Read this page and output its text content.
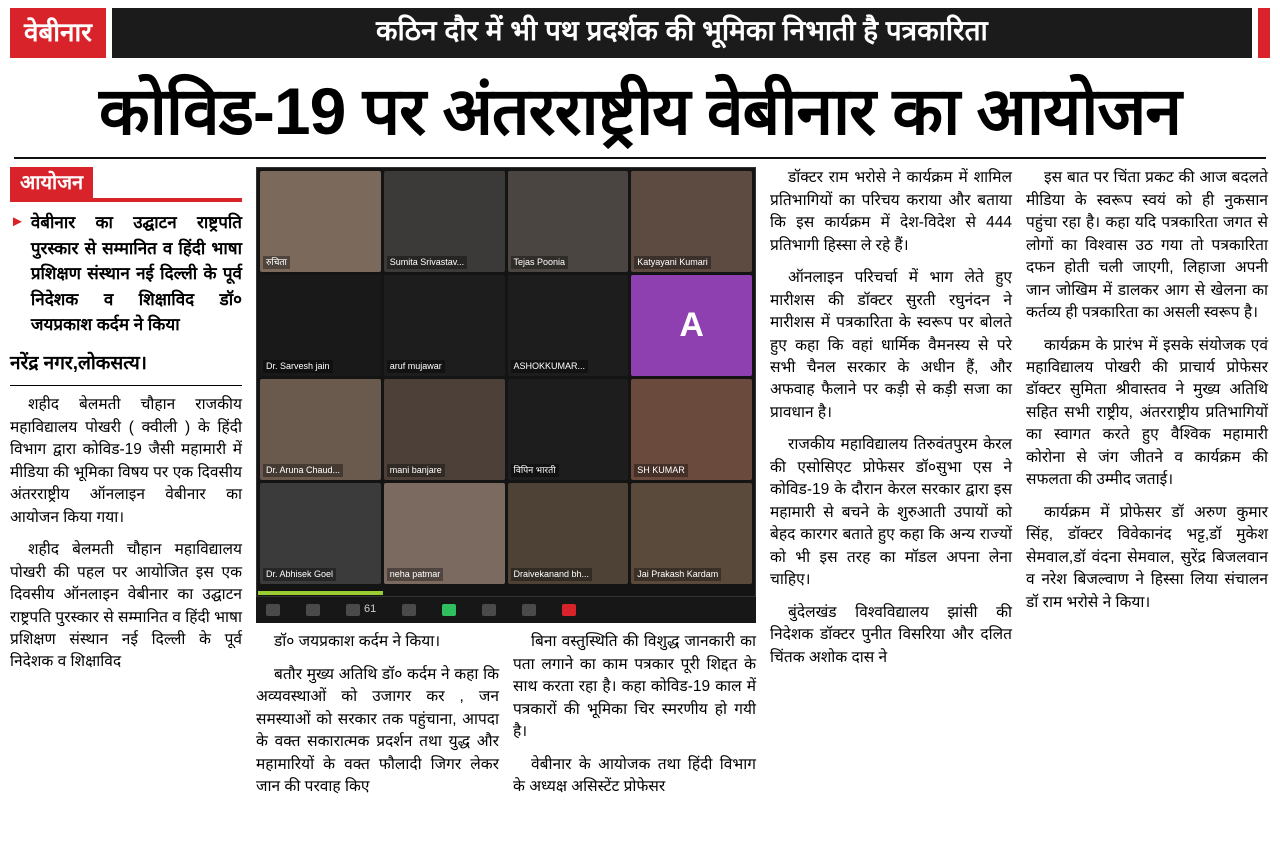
वेबीनार	कठिन दौर में भी पथ प्रदर्शक की भूमिका निभाती है पत्रकारिता
कोविड-19 पर अंतरराष्ट्रीय वेबीनार का आयोजन
आयोजन
► वेबीनार का उद्घाटन राष्ट्रपति पुरस्कार से सम्मानित व हिंदी भाषा प्रशिक्षण संस्थान नई दिल्ली के पूर्व निदेशक व शिक्षाविद डॉ० जयप्रकाश कर्दम ने किया
नरेंद्र नगर,लोकसत्य।

शहीद बेलमती चौहान राजकीय महाविद्यालय पोखरी ( क्वीली ) के हिंदी विभाग द्वारा कोविड-19 जैसी महामारी में मीडिया की भूमिका विषय पर एक दिवसीय अंतरराष्ट्रीय ऑनलाइन वेबीनार का आयोजन किया गया।

शहीद बेलमती चौहान महाविद्यालय पोखरी की पहल पर आयोजित इस एक दिवसीय ऑनलाइन वेबीनार का उद्घाटन राष्ट्रपति पुरस्कार से सम्मानित व हिंदी भाषा प्रशिक्षण संस्थान नई दिल्ली के पूर्व निदेशक व शिक्षाविद

रुचिता	Sumita Srivastav...	Tejas Poonia	Katyayani Kumari
Dr. Sarvesh jain	aruf mujawar	ASHOKKUMAR...
A
Dr. Aruna Chaud...	mani banjare	विपिन भारती	SH KUMAR
Dr. Abhisek Goel	neha patmar	Draivekanand bh...	Jai Prakash Kardam
61

डॉ० जयप्रकाश कर्दम ने किया।

बतौर मुख्य अतिथि डॉ० कर्दम ने कहा कि अव्यवस्थाओं को उजागर कर , जन समस्याओं को सरकार तक पहुंचाना, आपदा के वक्त सकारात्मक प्रदर्शन तथा युद्ध और महामारियों के वक्त फौलादी जिगर लेकर जान की परवाह किए

बिना वस्तुस्थिति की विशुद्ध जानकारी का पता लगाने का काम पत्रकार पूरी शिद्दत के साथ करता रहा है। कहा कोविड-19 काल में पत्रकारों की भूमिका चिर स्मरणीय हो गयी है।

वेबीनार के आयोजक तथा हिंदी विभाग के अध्यक्ष असिस्टेंट प्रोफेसर

डॉक्टर राम भरोसे ने कार्यक्रम में शामिल प्रतिभागियों का परिचय कराया और बताया कि इस कार्यक्रम में देश-विदेश से 444 प्रतिभागी हिस्सा ले रहे हैं।

ऑनलाइन परिचर्चा में भाग लेते हुए मारीशस की डॉक्टर सुरती रघुनंदन ने मारीशस में पत्रकारिता के स्वरूप पर बोलते हुए कहा कि वहां धार्मिक वैमनस्य से परे सभी चैनल सरकार के अधीन हैं, और अफवाह फैलाने पर कड़ी से कड़ी सजा का प्रावधान है।

राजकीय महाविद्यालय तिरुवंतपुरम केरल की एसोसिएट प्रोफेसर डॉ०सुभा एस ने कोविड-19 के दौरान केरल सरकार द्वारा इस महामारी से बचने के शुरुआती उपायों को बेहद कारगर बताते हुए कहा कि अन्य राज्यों को भी इस तरह का मॉडल अपना लेना चाहिए।

बुंदेलखंड विश्वविद्यालय झांसी की निदेशक डॉक्टर पुनीत विसरिया और दलित चिंतक अशोक दास ने

इस बात पर चिंता प्रकट की आज बदलते मीडिया के स्वरूप स्वयं को ही नुकसान पहुंचा रहा है। कहा यदि पत्रकारिता जगत से लोगों का विश्वास उठ गया तो पत्रकारिता दफन होती चली जाएगी, लिहाजा अपनी जान जोखिम में डालकर आग से खेलना का कर्तव्य ही पत्रकारिता का असली स्वरूप है।

कार्यक्रम के प्रारंभ में इसके संयोजक एवं महाविद्यालय पोखरी की प्राचार्य प्रोफेसर डॉक्टर सुमिता श्रीवास्तव ने मुख्य अतिथि सहित सभी राष्ट्रीय, अंतरराष्ट्रीय प्रतिभागियों का स्वागत करते हुए वैश्विक महामारी कोरोना से जंग जीतने व कार्यक्रम की सफलता की उम्मीद जताई।

कार्यक्रम में प्रोफेसर डॉ अरुण कुमार सिंह, डॉक्टर विवेकानंद भट्ट,डॉ मुकेश सेमवाल,डॉ वंदना सेमवाल, सुरेंद्र बिजलवान व नरेश बिजल्वाण ने हिस्सा लिया संचालन डॉ राम भरोसे ने किया।
